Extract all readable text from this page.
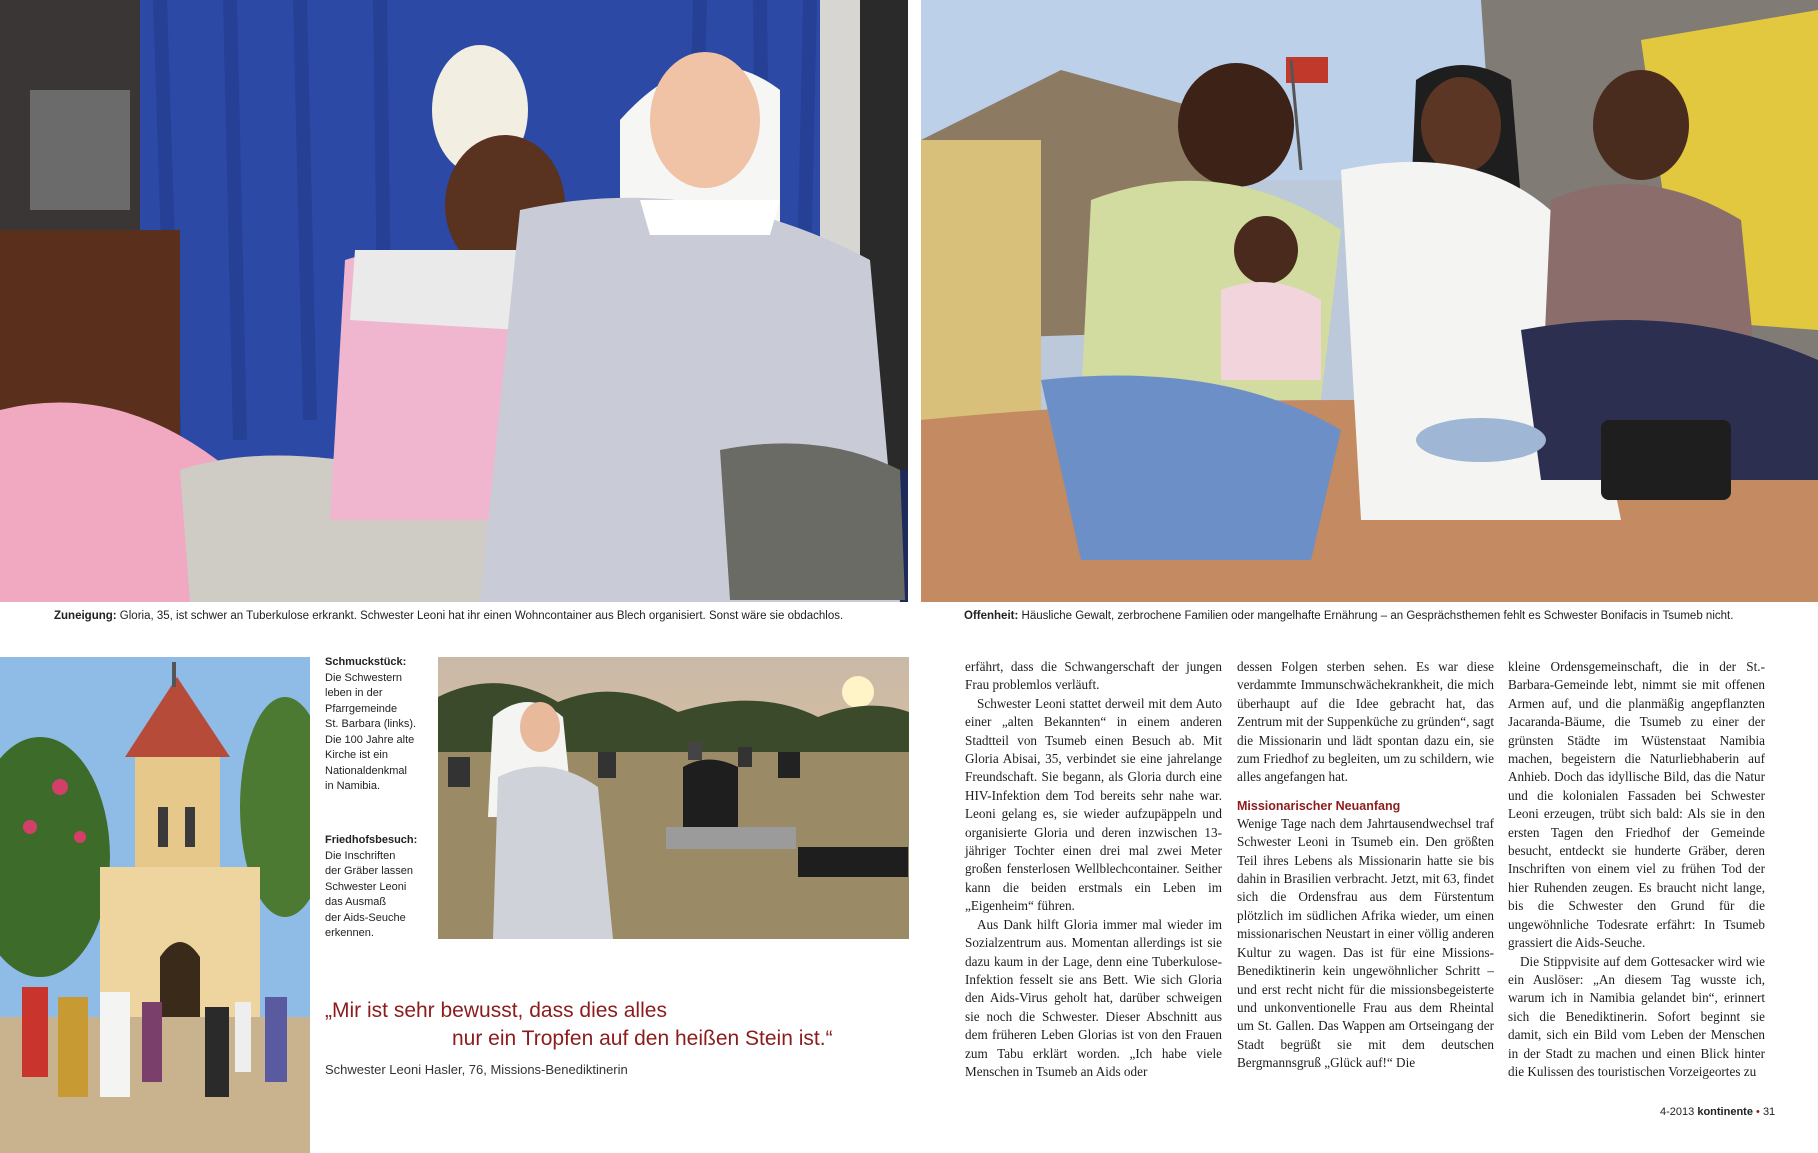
Zuneigung: Gloria, 35, ist schwer an Tuberkulose erkrankt. Schwester Leoni hat ihr einen Wohncontainer aus Blech organisiert. Sonst wäre sie obdachlos.	Offenheit: Häusliche Gewalt, zerbrochene Familien oder mangelhafte Ernährung – an Gesprächsthemen fehlt es Schwester Bonifacis in Tsumeb nicht.
Schmuckstück:
Die Schwestern
leben in der
Pfarrgemeinde
St. Barbara (links).
Die 100 Jahre alte
Kirche ist ein
Nationaldenkmal
in Namibia.
Friedhofsbesuch:
Die Inschriften
der Gräber lassen
Schwester Leoni
das Ausmaß
der Aids-Seuche
erkennen.
„Mir ist sehr bewusst, dass dies alles
nur ein Tropfen auf den heißen Stein ist.“
Schwester Leoni Hasler, 76, Missions-Benediktinerin

erfährt, dass die Schwangerschaft der jungen Frau problemlos verläuft.

Schwester Leoni stattet derweil mit dem Auto einer „alten Bekannten“ in einem anderen Stadtteil von Tsumeb einen Besuch ab. Mit Gloria Abisai, 35, verbindet sie eine jahrelange Freundschaft. Sie begann, als Gloria durch eine HIV-Infektion dem Tod bereits sehr nahe war. Leoni gelang es, sie wieder aufzupäppeln und organisierte Gloria und deren inzwischen 13-jähriger Tochter einen drei mal zwei Meter großen fensterlosen Wellblechcontainer. Seither kann die beiden erstmals ein Leben im „Eigenheim“ führen.

Aus Dank hilft Gloria immer mal wieder im Sozialzentrum aus. Momentan allerdings ist sie dazu kaum in der Lage, denn eine Tuberkulose-Infektion fesselt sie ans Bett. Wie sich Gloria den Aids-Virus geholt hat, darüber schweigen sie noch die Schwester. Dieser Abschnitt aus dem früheren Leben Glorias ist von den Frauen zum Tabu erklärt worden. „Ich habe viele Menschen in Tsumeb an Aids oder

dessen Folgen sterben sehen. Es war diese verdammte Immunschwächekrankheit, die mich überhaupt auf die Idee gebracht hat, das Zentrum mit der Suppenküche zu gründen“, sagt die Missionarin und lädt spontan dazu ein, sie zum Friedhof zu begleiten, um zu schildern, wie alles angefangen hat.

Missionarischer Neuanfang

Wenige Tage nach dem Jahrtausendwechsel traf Schwester Leoni in Tsumeb ein. Den größten Teil ihres Lebens als Missionarin hatte sie bis dahin in Brasilien verbracht. Jetzt, mit 63, findet sich die Ordensfrau aus dem Fürstentum plötzlich im südlichen Afrika wieder, um einen missionarischen Neustart in einer völlig anderen Kultur zu wagen. Das ist für eine Missions-Benediktinerin kein ungewöhnlicher Schritt – und erst recht nicht für die missionsbegeisterte und unkonventionelle Frau aus dem Rheintal um St. Gallen. Das Wappen am Ortseingang der Stadt begrüßt sie mit dem deutschen Bergmannsgruß „Glück auf!“ Die

kleine Ordensgemeinschaft, die in der St.-Barbara-Gemeinde lebt, nimmt sie mit offenen Armen auf, und die planmäßig angepflanzten Jacaranda-Bäume, die Tsumeb zu einer der grünsten Städte im Wüstenstaat Namibia machen, begeistern die Naturliebhaberin auf Anhieb. Doch das idyllische Bild, das die Natur und die kolonialen Fassaden bei Schwester Leoni erzeugen, trübt sich bald: Als sie in den ersten Tagen den Friedhof der Gemeinde besucht, entdeckt sie hunderte Gräber, deren Inschriften von einem viel zu frühen Tod der hier Ruhenden zeugen. Es braucht nicht lange, bis die Schwester den Grund für die ungewöhnliche Todesrate erfährt: In Tsumeb grassiert die Aids-Seuche.

Die Stippvisite auf dem Gottesacker wird wie ein Auslöser: „An diesem Tag wusste ich, warum ich in Namibia gelandet bin“, erinnert sich die Benediktinerin. Sofort beginnt sie damit, sich ein Bild vom Leben der Menschen in der Stadt zu machen und einen Blick hinter die Kulissen des touristischen Vorzeigeortes zu

4-2013 kontinente • 31
